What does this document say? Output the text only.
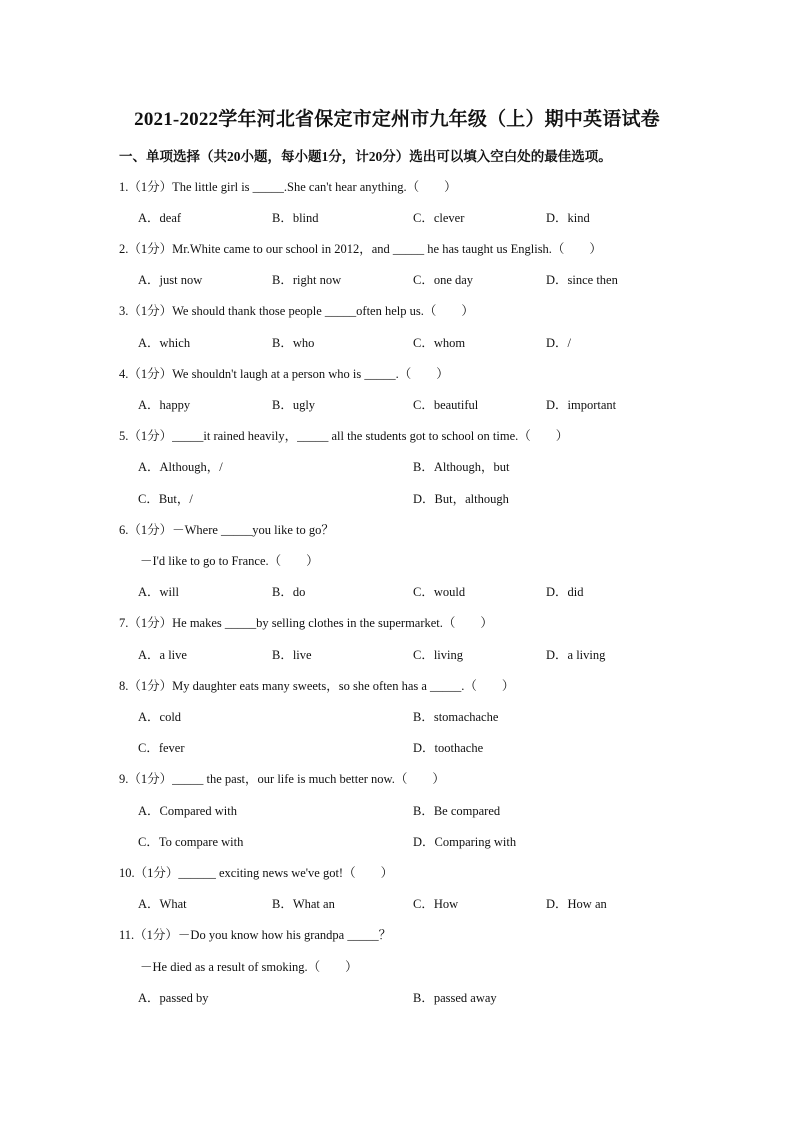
2021-2022学年河北省保定市定州市九年级（上）期中英语试卷
一、单项选择（共20小题，每小题1分，计20分）选出可以填入空白处的最佳选项。
1.（1分）The little girl is _____.She can't hear anything.（　　）
A．deaf	B．blind	C．clever	D．kind
2.（1分）Mr.White came to our school in 2012，and _____ he has taught us English.（　　）
A．just now	B．right now	C．one day	D．since then
3.（1分）We should thank those people _____often help us.（　　）
A．which	B．who	C．whom	D．/
4.（1分）We shouldn't laugh at a person who is _____.（　　）
A．happy	B．ugly	C．beautiful	D．important
5.（1分）_____it rained heavily，_____ all the students got to school on time.（　　）
A．Although，/	B．Although，but
C．But，/	D．But，although
6.（1分）－Where _____you like to go？
－I'd like to go to France.（　　）
A．will	B．do	C．would	D．did
7.（1分）He makes _____by selling clothes in the supermarket.（　　）
A．a live	B．live	C．living	D．a living
8.（1分）My daughter eats many sweets，so she often has a _____.（　　）
A．cold	B．stomachache
C．fever	D．toothache
9.（1分）_____ the past，our life is much better now.（　　）
A．Compared with	B．Be compared
C．To compare with	D．Comparing with
10.（1分）______ exciting news we've got!（　　）
A．What	B．What an	C．How	D．How an
11.（1分）－Do you know how his grandpa _____？
－He died as a result of smoking.（　　）
A．passed by	B．passed away
